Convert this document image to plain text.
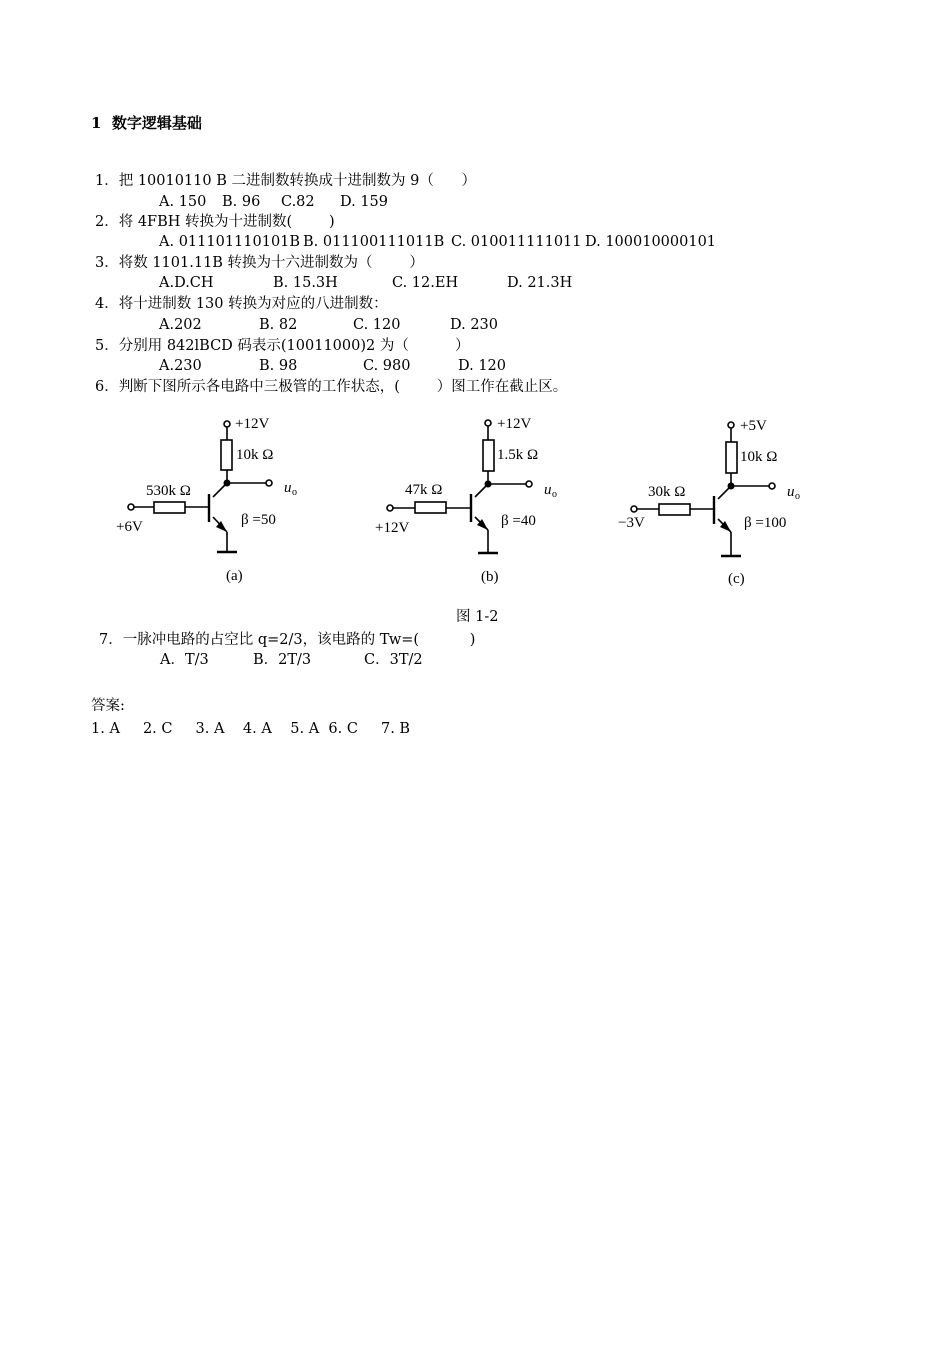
1  数字逻辑基础
1．把 10010110 B 二进制数转换成十进制数为 9（      ）
A. 150 B. 96 C.82 D. 159
2．将 4FBH 转换为十进制数(        )
A. 011101110101B B. 011100111011B C. 010011111011 D. 100010000101
3．将数 1101.11B 转换为十六进制数为（        ）
A.D.CH	B. 15.3H	C. 12.EH	D. 21.3H
4．将十进制数 130 转换为对应的八进制数：
A.202	B. 82	C. 120	D. 230
5．分别用 842lBCD 码表示(10011000)2 为（          ）
A.230	B. 98	C. 980	D. 120
6．判断下图所示各电路中三极管的工作状态，(        ）图工作在截止区。
+12V
10k Ω
530k Ω
+6V	β =50
u o
(a)
+12V
1.5k Ω
47k Ω
+12V	β =40
u o
(b)
+5V
10k Ω
30k Ω
−3V	β =100
u o
(c)
图 1-2
7．一脉冲电路的占空比 q=2/3，该电路的 Tw=(           )
A．T/3	B．2T/3	C．3T/2
答案:
1. A     2. C     3. A    4. A    5. A  6. C     7. B
